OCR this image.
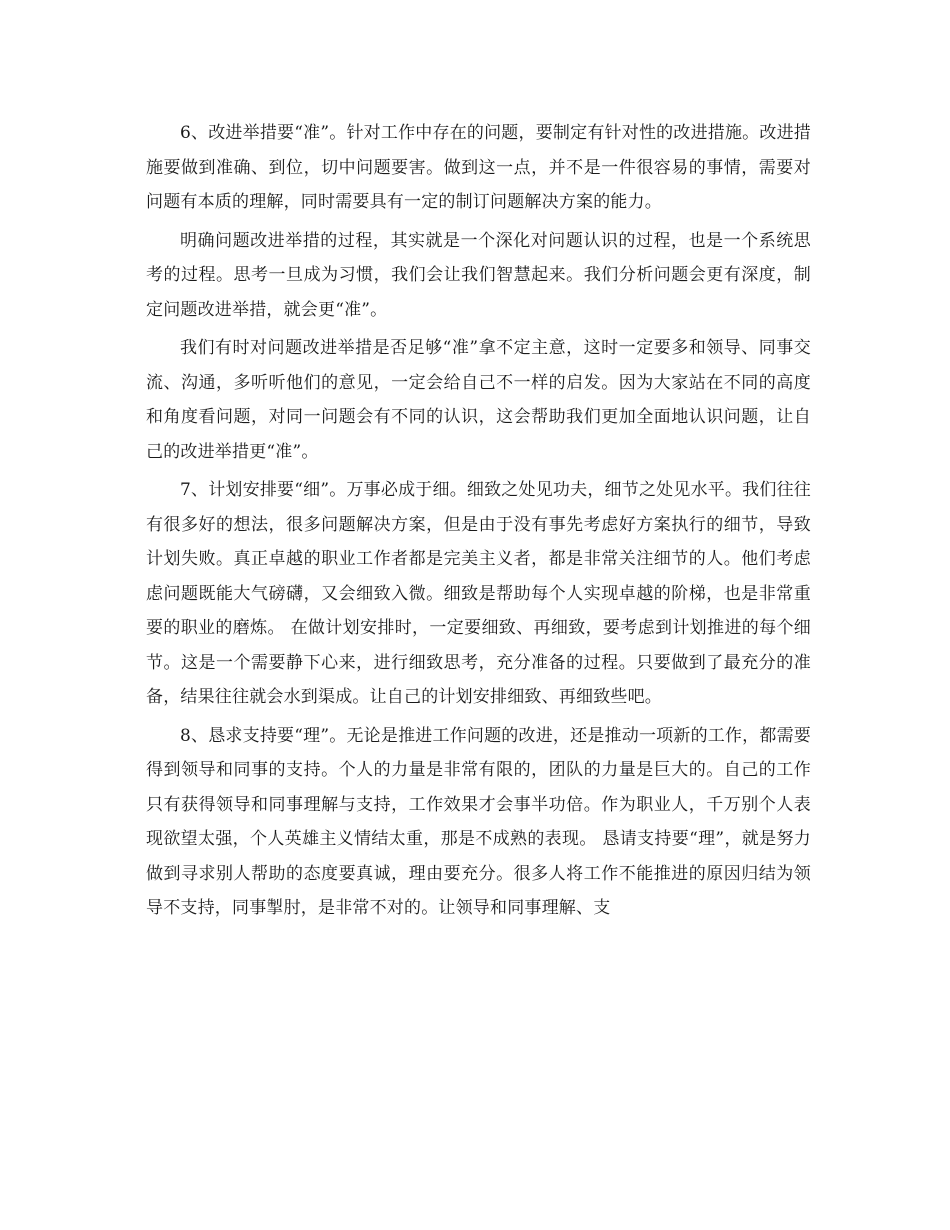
6、改进举措要“准”。针对工作中存在的问题，要制定有针对性的改进措施。改进措施要做到准确、到位，切中问题要害。做到这一点，并不是一件很容易的事情，需要对问题有本质的理解，同时需要具有一定的制订问题解决方案的能力。

明确问题改进举措的过程，其实就是一个深化对问题认识的过程，也是一个系统思考的过程。思考一旦成为习惯，我们会让我们智慧起来。我们分析问题会更有深度，制定问题改进举措，就会更“准”。

我们有时对问题改进举措是否足够“准”拿不定主意，这时一定要多和领导、同事交流、沟通，多听听他们的意见，一定会给自己不一样的启发。因为大家站在不同的高度和角度看问题，对同一问题会有不同的认识，这会帮助我们更加全面地认识问题，让自己的改进举措更“准”。

7、计划安排要“细”。万事必成于细。细致之处见功夫，细节之处见水平。我们往往有很多好的想法，很多问题解决方案，但是由于没有事先考虑好方案执行的细节，导致计划失败。真正卓越的职业工作者都是完美主义者，都是非常关注细节的人。他们考虑虑问题既能大气磅礴，又会细致入微。细致是帮助每个人实现卓越的阶梯，也是非常重要的职业的磨炼。 在做计划安排时，一定要细致、再细致，要考虑到计划推进的每个细节。这是一个需要静下心来，进行细致思考，充分准备的过程。只要做到了最充分的准备，结果往往就会水到渠成。让自己的计划安排细致、再细致些吧。

8、恳求支持要“理”。无论是推进工作问题的改进，还是推动一项新的工作，都需要得到领导和同事的支持。个人的力量是非常有限的，团队的力量是巨大的。自己的工作只有获得领导和同事理解与支持，工作效果才会事半功倍。作为职业人，千万别个人表现欲望太强，个人英雄主义情结太重，那是不成熟的表现。 恳请支持要“理”，就是努力做到寻求别人帮助的态度要真诚，理由要充分。很多人将工作不能推进的原因归结为领导不支持，同事掣肘，是非常不对的。让领导和同事理解、支
